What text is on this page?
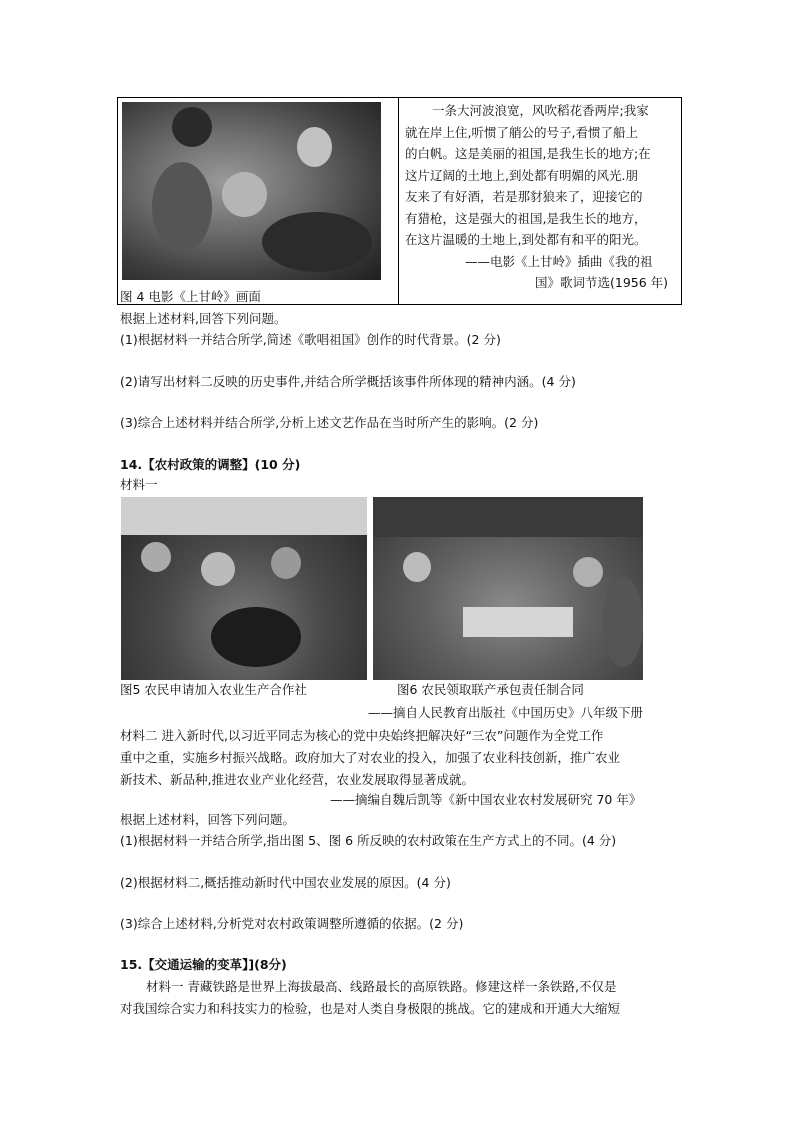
图 4 电影《上甘岭》画面

一条大河波浪宽，风吹稻花香两岸;我家
就在岸上住,听惯了艄公的号子,看惯了船上
的白帆。这是美丽的祖国,是我生长的地方;在
这片辽阔的土地上,到处都有明媚的风光.朋
友来了有好酒，若是那豺狼来了，迎接它的
有猎枪，这是强大的祖国,是我生长的地方，
在这片温暖的土地上,到处都有和平的阳光。
——电影《上甘岭》插曲《我的祖
国》歌词节选(1956 年)
根据上述材料,回答下列问题。
(1)根据材料一并结合所学,简述《歌唱祖国》创作的时代背景。(2 分)
(2)请写出材料二反映的历史事件,并结合所学概括该事件所体现的精神内涵。(4 分)
(3)综合上述材料并结合所学,分析上述文艺作品在当时所产生的影响。(2 分)
14.【农村政策的调整】(10 分)
材料一
图5 农民申请加入农业生产合作社	图6 农民领取联产承包责任制合同
——摘自人民教育出版社《中国历史》八年级下册
材料二 进入新时代,以习近平同志为核心的党中央始终把解决好“三农”问题作为全党工作
重中之重，实施乡村振兴战略。政府加大了对农业的投入，加强了农业科技创新，推广农业
新技术、新品种,推进农业产业化经营，农业发展取得显著成就。
——摘编自魏后凯等《新中国农业农村发展研究 70 年》
根据上述材料，回答下列问题。
(1)根据材料一并结合所学,指出图 5、图 6 所反映的农村政策在生产方式上的不同。(4 分)
(2)根据材料二,概括推动新时代中国农业发展的原因。(4 分)
(3)综合上述材料,分析党对农村政策调整所遵循的依据。(2 分)
15.【交通运输的变革】](8分)
材料一 青藏铁路是世界上海拔最高、线路最长的高原铁路。修建这样一条铁路,不仅是
对我国综合实力和科技实力的检验，也是对人类自身极限的挑战。它的建成和开通大大缩短
